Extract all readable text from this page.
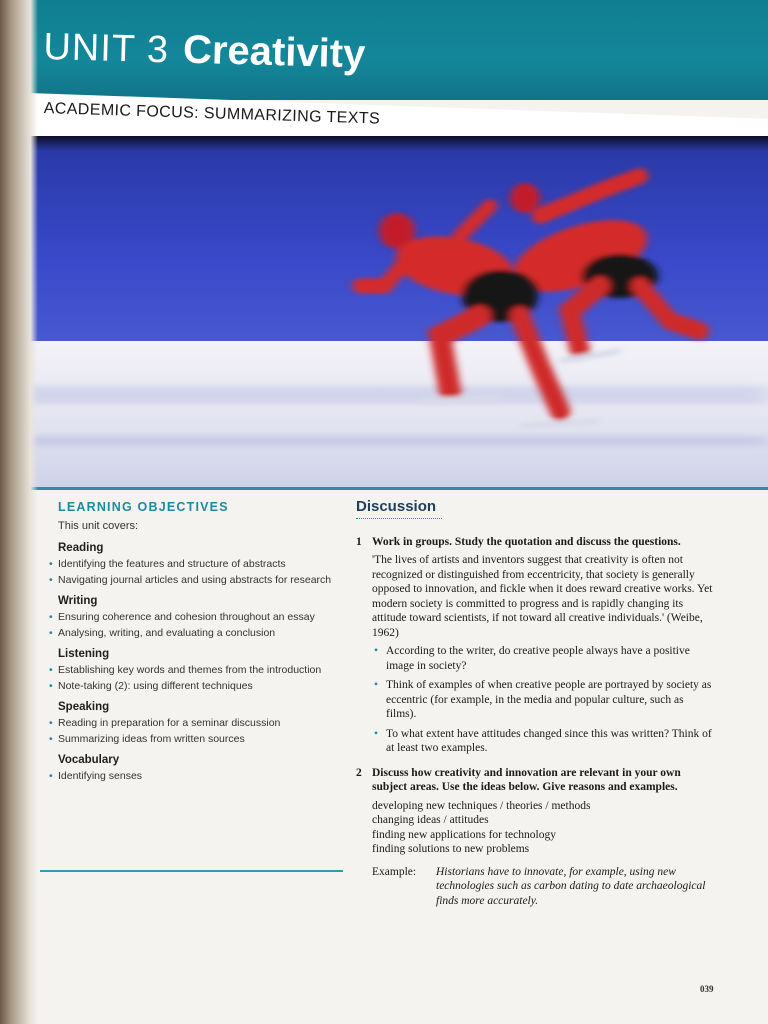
UNIT 3 Creativity
ACADEMIC FOCUS: SUMMARIZING TEXTS
LEARNING OBJECTIVES
This unit covers:
Reading
• Identifying the features and structure of abstracts
• Navigating journal articles and using abstracts for research
Writing
• Ensuring coherence and cohesion throughout an essay
• Analysing, writing, and evaluating a conclusion
Listening
• Establishing key words and themes from the introduction
• Note-taking (2): using different techniques
Speaking
• Reading in preparation for a seminar discussion
• Summarizing ideas from written sources
Vocabulary
• Identifying senses
Discussion
1 Work in groups. Study the quotation and discuss the questions.

'The lives of artists and inventors suggest that creativity is often not recognized or distinguished from eccentricity, that society is generally opposed to innovation, and fickle when it does reward creative works. Yet modern society is committed to progress and is rapidly changing its attitude toward scientists, if not toward all creative individuals.' (Weibe, 1962)

• According to the writer, do creative people always have a positive image in society?
• Think of examples of when creative people are portrayed by society as eccentric (for example, in the media and popular culture, such as films).
• To what extent have attitudes changed since this was written? Think of at least two examples.
2 Discuss how creativity and innovation are relevant in your own subject areas. Use the ideas below. Give reasons and examples.

developing new techniques / theories / methods

changing ideas / attitudes

finding new applications for technology

finding solutions to new problems

Example:	Historians have to innovate, for example, using new technologies such as carbon dating to date archaeological finds more accurately.
039
